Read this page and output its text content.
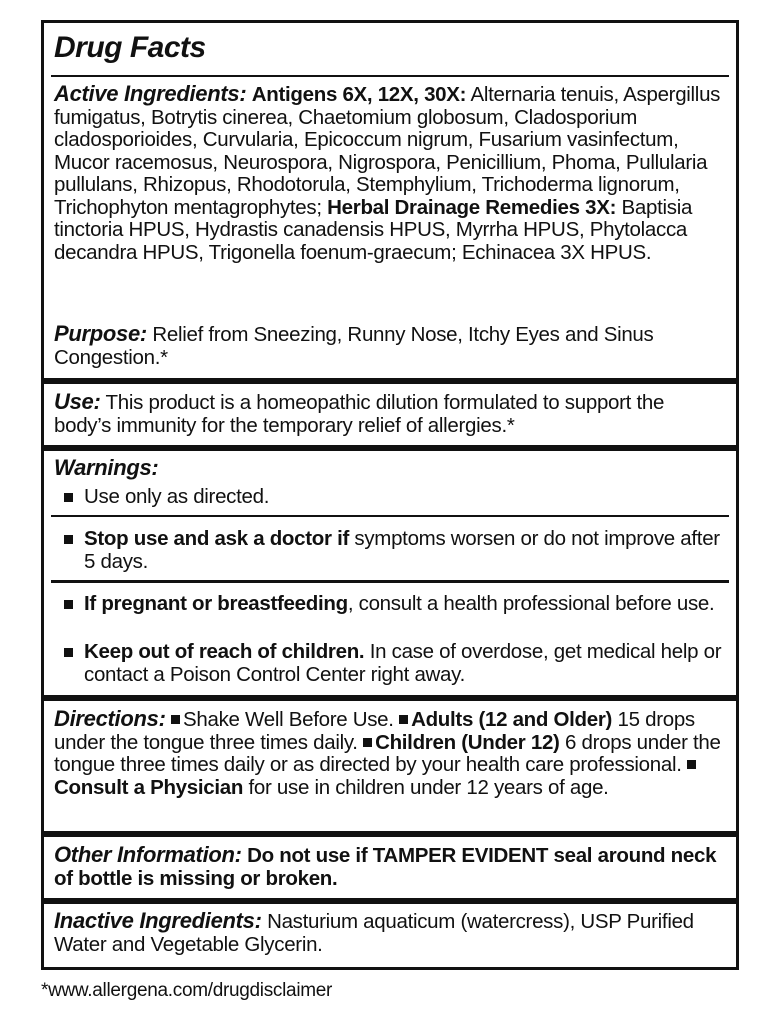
Drug Facts

Active Ingredients: Antigens 6X, 12X, 30X: Alternaria tenuis, Aspergillus fumigatus, Botrytis cinerea, Chaetomium globosum, Cladosporium cladosporioides, Curvularia, Epicoccum nigrum, Fusarium vasinfectum, Mucor racemosus, Neurospora, Nigrospora, Penicillium, Phoma, Pullularia pullulans, Rhizopus, Rhodotorula, Stemphylium, Trichoderma lignorum, Trichophyton mentagrophytes; Herbal Drainage Remedies 3X: Baptisia tinctoria HPUS, Hydrastis canadensis HPUS, Myrrha HPUS, Phytolacca decandra HPUS, Trigonella foenum-graecum; Echinacea 3X HPUS.

Purpose: Relief from Sneezing, Runny Nose, Itchy Eyes and Sinus Congestion.*

Use: This product is a homeopathic dilution formulated to support the body’s immunity for the temporary relief of allergies.*

Warnings:

Use only as directed.

Stop use and ask a doctor if symptoms worsen or do not improve after 5 days.

If pregnant or breastfeeding, consult a health professional before use.

Keep out of reach of children. In case of overdose, get medical help or contact a Poison Control Center right away.

Directions: Shake Well Before Use. Adults (12 and Older) 15 drops under the tongue three times daily. Children (Under 12) 6 drops under the tongue three times daily or as directed by your health care professional. Consult a Physician for use in children under 12 years of age.

Other Information: Do not use if TAMPER EVIDENT seal around neck of bottle is missing or broken.

Inactive Ingredients: Nasturium aquaticum (watercress), USP Purified Water and Vegetable Glycerin.

*www.allergena.com/drugdisclaimer
